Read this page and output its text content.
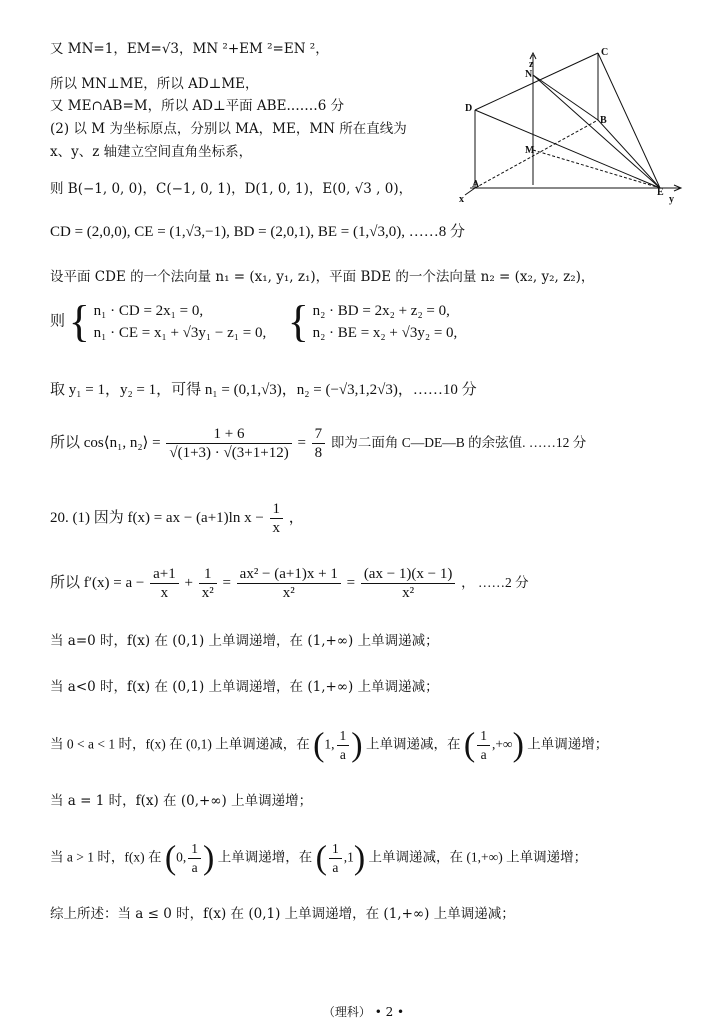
又 MN=1，EM=√3，MN ²+EM ²=EN ²，
所以 MN⊥ME，所以 AD⊥ME，
又 ME∩AB=M，所以 AD⊥平面 ABE.……6 分
(2) 以 M 为坐标原点，分别以 MA，ME，MN 所在直线为
x、y、z 轴建立空间直角坐标系，
则 B(−1, 0, 0)，C(−1, 0, 1)，D(1, 0, 1)，E(0, √3 , 0)，
CD = (2,0,0), CE = (1,√3,−1), BD = (2,0,1), BE = (1,√3,0), ……8 分
设平面 CDE 的一个法向量 n₁ = (x₁, y₁, z₁)，平面 BDE 的一个法向量 n₂ = (x₂, y₂, z₂)，
则 { n₁ · CD = 2x₁ = 0,
n₁ · CE = x₁ + √3y₁ − z₁ = 0, { n₂ · BD = 2x₂ + z₂ = 0,
n₂ · BE = x₂ + √3y₂ = 0,
取 y₁ = 1，y₂ = 1，可得 n₁ = (0,1,√3)，n₂ = (−√3,1,2√3)，……10 分
所以 cos⟨n₁, n₂⟩ = $\frac{1 + 6}{√(1+3) \cdot √(3+1+12)} = \frac{7}{8}$ 即为二面角 C—DE—B 的余弦值. ……12 分
20. (1) 因为 f(x) = ax − (a+1)ln $x - \frac{1}{x}$ ，
所以 $f'(x) = a - \frac{a+1}{x} + \frac{1}{\text{x²}} = \frac{\text{ax² − (a+1)x + 1}}{\text{x²}} = \frac{(ax - 1)(x - 1)}{\text{x²}}$ ， ……2 分
当 a=0 时，f(x) 在 (0,1) 上单调递增，在 (1,+∞) 上单调递减；
当 a<0 时，f(x) 在 (0,1) 上单调递增，在 (1,+∞) 上单调递减；
当 0 < a < 1 时，f(x) 在 (0,1) 上单调递减，在 (1, $\frac{1}{a}$ ) 上单调递减，在 ( $\frac{1}{a}$ ,+∞) 上单调递增；
当 a = 1 时，f(x) 在 (0,+∞) 上单调递增；
当 a > 1 时，f(x) 在 (0, $\frac{1}{a}$ ) 上单调递增，在 ( $\frac{1}{a} ,1$) 上单调递减，在 (1,+∞) 上单调递增；
综上所述：当 a ≤ 0 时，f(x) 在 (0,1) 上单调递增，在 (1,+∞) 上单调递减；
C
N
z
D
B
M
A
E
x	y
（理科） • 2 •
